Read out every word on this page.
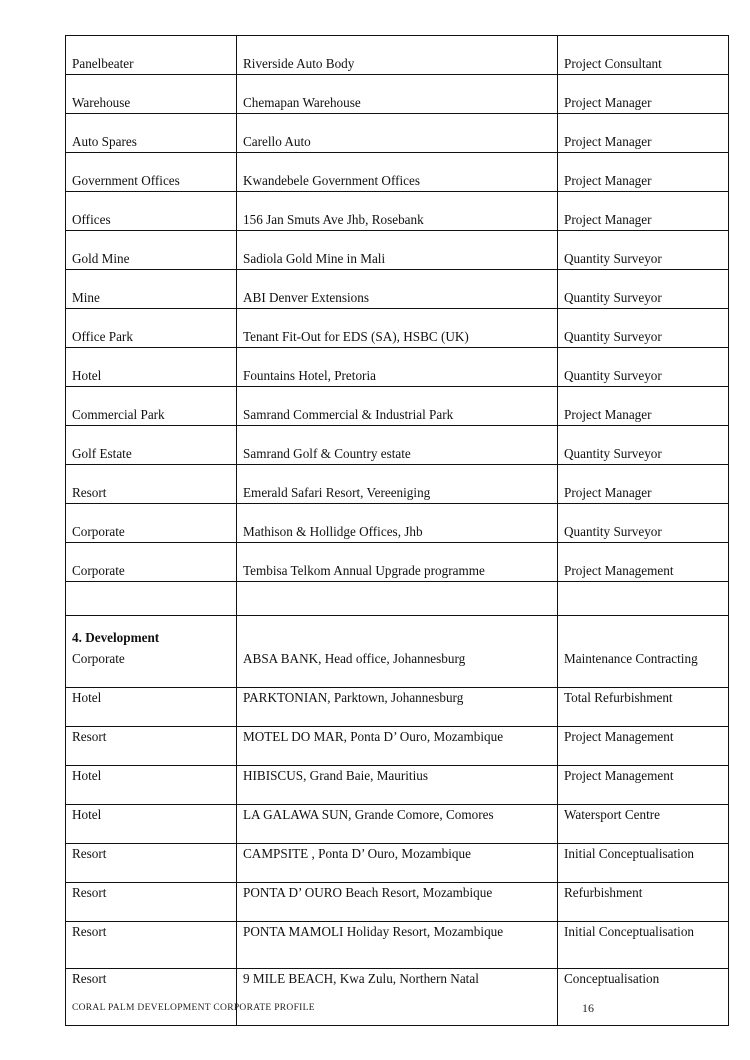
Panelbeater	Riverside Auto Body	Project Consultant
Warehouse	Chemapan Warehouse	Project Manager
Auto Spares	Carello Auto	Project Manager
Government Offices	Kwandebele Government Offices	Project Manager
Offices	156 Jan Smuts Ave Jhb, Rosebank	Project Manager
Gold Mine	Sadiola Gold Mine in Mali	Quantity Surveyor
Mine	ABI Denver Extensions	Quantity Surveyor
Office Park	Tenant Fit-Out for EDS (SA), HSBC (UK)	Quantity Surveyor
Hotel	Fountains Hotel, Pretoria	Quantity Surveyor
Commercial Park	Samrand Commercial & Industrial Park	Project Manager
Golf Estate	Samrand Golf & Country estate	Quantity Surveyor
Resort	Emerald Safari Resort, Vereeniging	Project Manager
Corporate	Mathison & Hollidge Offices, Jhb	Quantity Surveyor
Corporate	Tembisa Telkom Annual Upgrade programme	Project Management

4. Development		

Corporate	ABSA BANK, Head office, Johannesburg	Maintenance Contracting
Hotel	PARKTONIAN, Parktown, Johannesburg	Total Refurbishment
Resort	MOTEL DO MAR, Ponta D’ Ouro, Mozambique	Project Management
Hotel	HIBISCUS, Grand Baie, Mauritius	Project Management
Hotel	LA GALAWA SUN, Grande Comore, Comores	Watersport Centre
Resort	CAMPSITE , Ponta D’ Ouro, Mozambique	Initial Conceptualisation
Resort	PONTA D’ OURO Beach Resort, Mozambique	Refurbishment
Resort	PONTA MAMOLI Holiday Resort, Mozambique	Initial Conceptualisation
Resort	9 MILE BEACH, Kwa Zulu, Northern Natal	Conceptualisation
CORAL PALM DEVELOPMENT CORPORATE PROFILE	16
